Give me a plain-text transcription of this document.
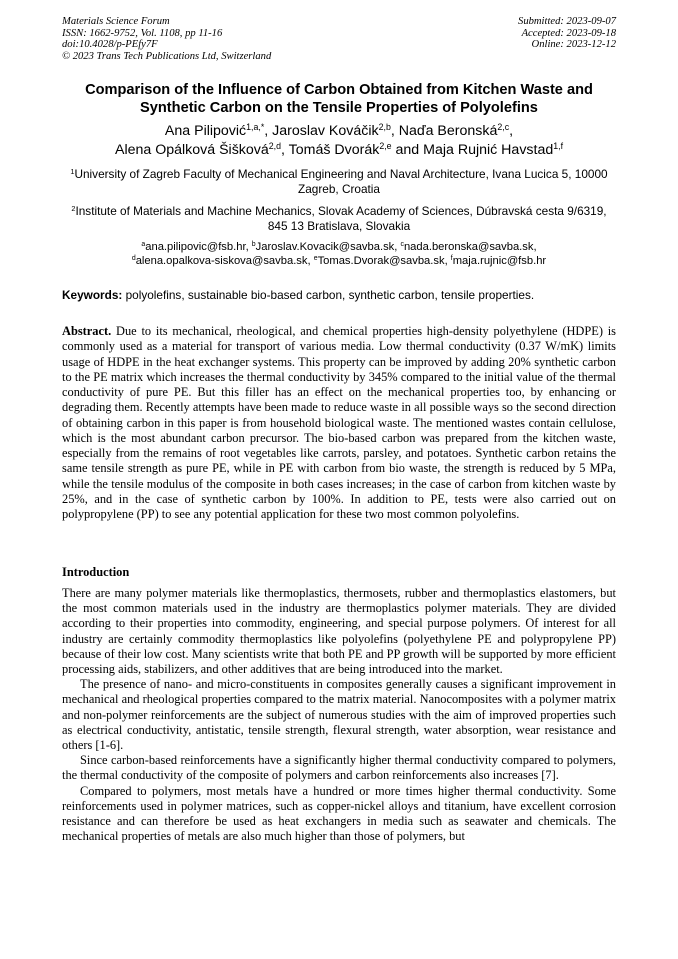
Materials Science Forum
ISSN: 1662-9752, Vol. 1108, pp 11-16
doi:10.4028/p-PEfy7F
© 2023 Trans Tech Publications Ltd, Switzerland
Submitted: 2023-09-07
Accepted: 2023-09-18
Online: 2023-12-12
Comparison of the Influence of Carbon Obtained from Kitchen Waste and Synthetic Carbon on the Tensile Properties of Polyolefins
Ana Pilipović$^{1,a,*}$, Jaroslav Kováčik$^{2,b}$, Naďa Beronská$^{2,c}$,
Alena Opálková Šišková$^{2,d}$, Tomáš Dvorák$^{2,e}$ and Maja Rujnić Havstad$^{1,f}$
$^1$University of Zagreb Faculty of Mechanical Engineering and Naval Architecture, Ivana Lucica 5, 10000 Zagreb, Croatia
$^2$Institute of Materials and Machine Mechanics, Slovak Academy of Sciences, Dúbravská cesta 9/6319, 845 13 Bratislava, Slovakia
$^a$ana.pilipovic@fsb.hr, $^b$Jaroslav.Kovacik@savba.sk, $^c$nada.beronska@savba.sk,
$^d$alena.opalkova-siskova@savba.sk, $^e$Tomas.Dvorak@savba.sk, $^f$maja.rujnic@fsb.hr
Keywords: polyolefins, sustainable bio-based carbon, synthetic carbon, tensile properties.
Abstract. Due to its mechanical, rheological, and chemical properties high-density polyethylene (HDPE) is commonly used as a material for transport of various media. Low thermal conductivity (0.37 W/mK) limits usage of HDPE in the heat exchanger systems. This property can be improved by adding 20% synthetic carbon to the PE matrix which increases the thermal conductivity by 345% compared to the initial value of the thermal conductivity of pure PE. But this filler has an effect on the mechanical properties too, by enhancing or degrading them. Recently attempts have been made to reduce waste in all possible ways so the second direction of obtaining carbon in this paper is from household biological waste. The mentioned wastes contain cellulose, which is the most abundant carbon precursor. The bio-based carbon was prepared from the kitchen waste, especially from the remains of root vegetables like carrots, parsley, and potatoes. Synthetic carbon retains the same tensile strength as pure PE, while in PE with carbon from bio waste, the strength is reduced by 5 MPa, while the tensile modulus of the composite in both cases increases; in the case of carbon from kitchen waste by 25%, and in the case of synthetic carbon by 100%. In addition to PE, tests were also carried out on polypropylene (PP) to see any potential application for these two most common polyolefins.
Introduction

There are many polymer materials like thermoplastics, thermosets, rubber and thermoplastics elastomers, but the most common materials used in the industry are thermoplastics polymer materials. They are divided according to their properties into commodity, engineering, and special purpose polymers. Of interest for all industry are certainly commodity thermoplastics like polyolefins (polyethylene PE and polypropylene PP) because of their low cost. Many scientists write that both PE and PP growth will be supported by more efficient processing aids, stabilizers, and other additives that are being introduced into the market.

The presence of nano- and micro-constituents in composites generally causes a significant improvement in mechanical and rheological properties compared to the matrix material. Nanocomposites with a polymer matrix and non-polymer reinforcements are the subject of numerous studies with the aim of improved properties such as electrical conductivity, antistatic, tensile strength, flexural strength, water absorption, wear resistance and others [1-6].

Since carbon-based reinforcements have a significantly higher thermal conductivity compared to polymers, the thermal conductivity of the composite of polymers and carbon reinforcements also increases [7].

Compared to polymers, most metals have a hundred or more times higher thermal conductivity. Some reinforcements used in polymer matrices, such as copper-nickel alloys and titanium, have excellent corrosion resistance and can therefore be used as heat exchangers in media such as seawater and chemicals. The mechanical properties of metals are also much higher than those of polymers, but
